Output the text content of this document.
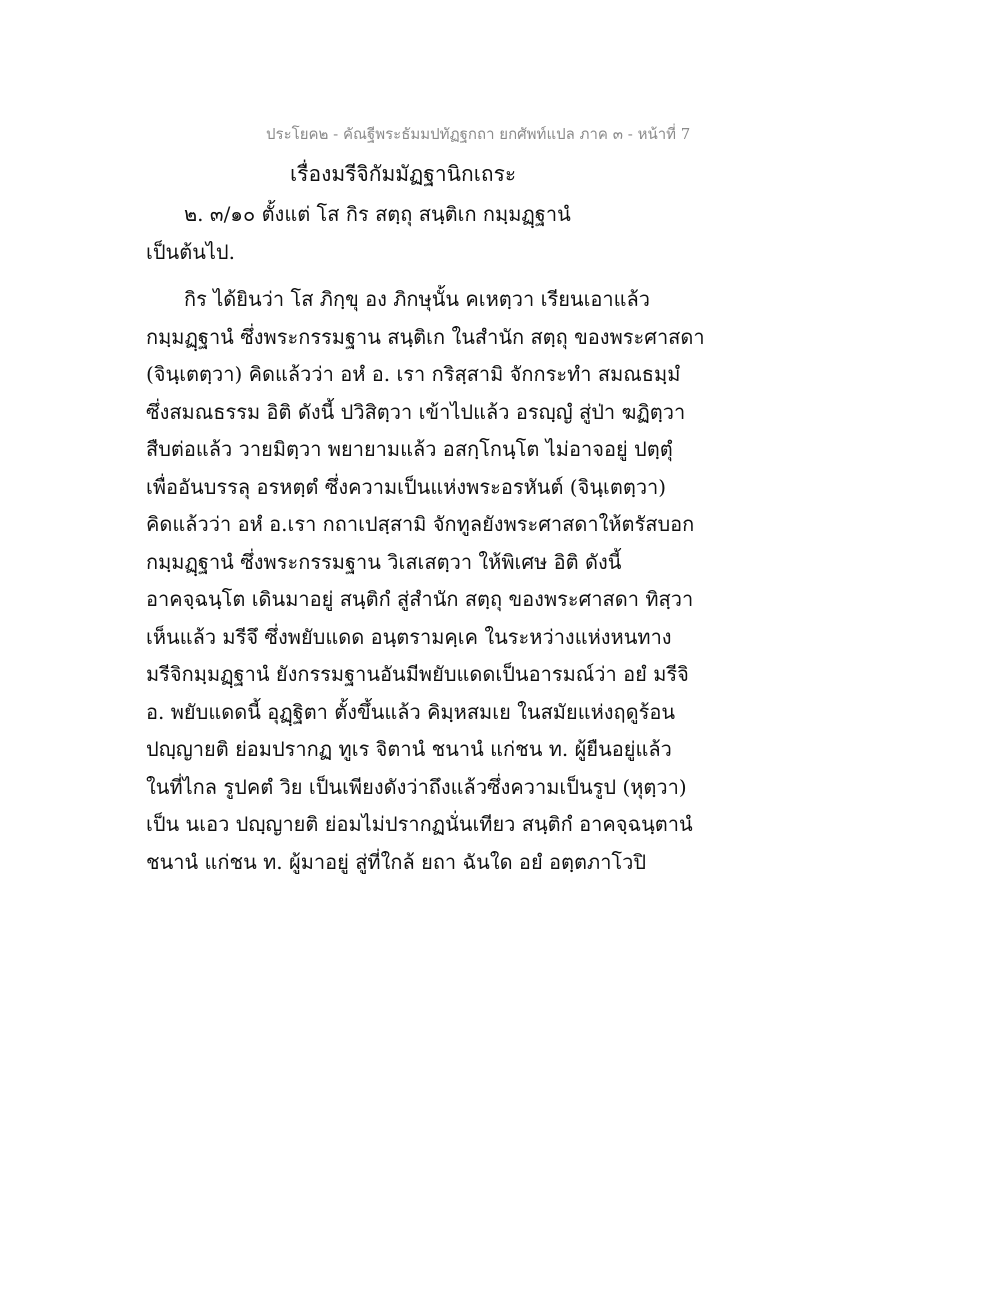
ประโยค๒ - คัณฐีพระธัมมปทัฏฐกถา ยกศัพท์แปล ภาค ๓ - หน้าที่ 7
เรื่องมรีจิกัมมัฏฐานิกเถระ
๒. ๓/๑๐ ตั้งแต่ โส กิร สตฺถุ สนฺติเก กมฺมฏฺฐานํ
เป็นต้นไป.
กิร ได้ยินว่า โส ภิกฺขุ อง ภิกษุนั้น คเหตฺวา เรียนเอาแล้ว
กมฺมฏฺฐานํ ซึ่งพระกรรมฐาน สนฺติเก ในสำนัก สตฺถุ ของพระศาสดา
(จินฺเตตฺวา) คิดแล้วว่า อหํ อ. เรา กริสฺสามิ จักกระทำ สมณธมฺมํ
ซึ่งสมณธรรม อิติ ดังนี้ ปวิสิตฺวา เข้าไปแล้ว อรญฺญํ สู่ป่า ฆฏิตฺวา
สืบต่อแล้ว วายมิตฺวา พยายามแล้ว อสกฺโกนฺโต ไม่อาจอยู่ ปตฺตุํ
เพื่ออันบรรลุ อรหตฺตํ ซึ่งความเป็นแห่งพระอรหันต์ (จินฺเตตฺวา)
คิดแล้วว่า อหํ อ.เรา กถาเปสฺสามิ จักทูลยังพระศาสดาให้ตรัสบอก
กมฺมฏฺฐานํ ซึ่งพระกรรมฐาน วิเสเสตฺวา ให้พิเศษ อิติ ดังนี้
อาคจฺฉนฺโต เดินมาอยู่ สนฺติกํ สู่สำนัก สตฺถุ ของพระศาสดา ทิสฺวา
เห็นแล้ว มรีจึ ซึ่งพยับแดด อนฺตรามคฺเค ในระหว่างแห่งหนทาง
มรีจิกมฺมฏฺฐานํ ยังกรรมฐานอันมีพยับแดดเป็นอารมณ์ว่า อยํ มรีจิ
อ. พยับแดดนี้ อุฏฺฐิตา ตั้งขึ้นแล้ว คิมฺหสมเย ในสมัยแห่งฤดูร้อน
ปญฺญายติ ย่อมปรากฏ ทูเร จิตานํ ชนานํ แก่ชน ท. ผู้ยืนอยู่แล้ว
ในที่ไกล รูปคตํ วิย เป็นเพียงดังว่าถึงแล้วซึ่งความเป็นรูป (หุตฺวา)
เป็น นเอว ปญฺญายติ ย่อมไม่ปรากฏนั่นเทียว สนฺติกํ อาคจฺฉนฺตานํ
ชนานํ แก่ชน ท. ผู้มาอยู่ สู่ที่ใกล้ ยถา ฉันใด อยํ อตฺตภาโวปิ
